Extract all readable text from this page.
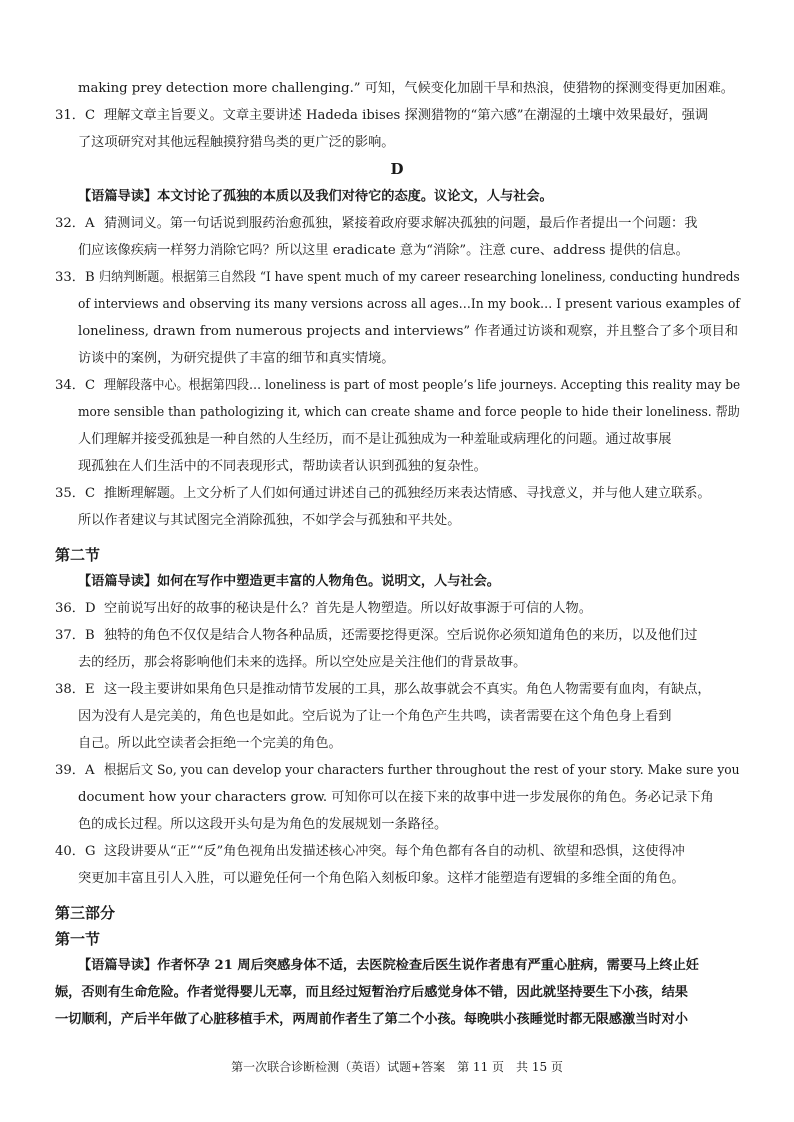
making prey detection more challenging.” 可知，气候变化加剧干旱和热浪，使猎物的探测变得更加困难。
31．C 理解文章主旨要义。文章主要讲述 Hadeda ibises 探测猎物的“第六感”在潮湿的土壤中效果最好，强调
了这项研究对其他远程触摸狩猎鸟类的更广泛的影响。
D
【语篇导读】本文讨论了孤独的本质以及我们对待它的态度。议论文，人与社会。
32．A 猜测词义。第一句话说到服药治愈孤独，紧接着政府要求解决孤独的问题，最后作者提出一个问题：我
们应该像疾病一样努力消除它吗？所以这里 eradicate 意为“消除”。注意 cure、address 提供的信息。
33．B 归纳判断题。根据第三自然段 “I have spent much of my career researching loneliness, conducting hundreds
of interviews and observing its many versions across all ages…In my book… I present various examples of
loneliness, drawn from numerous projects and interviews” 作者通过访谈和观察，并且整合了多个项目和
访谈中的案例，为研究提供了丰富的细节和真实情境。
34．C 理解段落中心。根据第四段… loneliness is part of most people’s life journeys. Accepting this reality may be
more sensible than pathologizing it, which can create shame and force people to hide their loneliness. 帮助
人们理解并接受孤独是一种自然的人生经历，而不是让孤独成为一种羞耻或病理化的问题。通过故事展
现孤独在人们生活中的不同表现形式，帮助读者认识到孤独的复杂性。
35．C 推断理解题。上文分析了人们如何通过讲述自己的孤独经历来表达情感、寻找意义，并与他人建立联系。
所以作者建议与其试图完全消除孤独，不如学会与孤独和平共处。
第二节
【语篇导读】如何在写作中塑造更丰富的人物角色。说明文，人与社会。
36．D 空前说写出好的故事的秘诀是什么？首先是人物塑造。所以好故事源于可信的人物。
37．B 独特的角色不仅仅是结合人物各种品质，还需要挖得更深。空后说你必须知道角色的来历，以及他们过
去的经历，那会将影响他们未来的选择。所以空处应是关注他们的背景故事。
38．E 这一段主要讲如果角色只是推动情节发展的工具，那么故事就会不真实。角色人物需要有血肉，有缺点，
因为没有人是完美的，角色也是如此。空后说为了让一个角色产生共鸣，读者需要在这个角色身上看到
自己。所以此空读者会拒绝一个完美的角色。
39．A 根据后文 So, you can develop your characters further throughout the rest of your story. Make sure you
document how your characters grow. 可知你可以在接下来的故事中进一步发展你的角色。务必记录下角
色的成长过程。所以这段开头句是为角色的发展规划一条路径。
40．G 这段讲要从“正”“反”角色视角出发描述核心冲突。每个角色都有各自的动机、欲望和恐惧，这使得冲
突更加丰富且引人入胜，可以避免任何一个角色陷入刻板印象。这样才能塑造有逻辑的多维全面的角色。
第三部分
第一节
【语篇导读】作者怀孕 21 周后突感身体不适，去医院检查后医生说作者患有严重心脏病，需要马上终止妊
娠，否则有生命危险。作者觉得婴儿无辜，而且经过短暂治疗后感觉身体不错，因此就坚持要生下小孩，结果
一切顺利，产后半年做了心脏移植手术，两周前作者生了第二个小孩。每晚哄小孩睡觉时都无限感激当时对小
第一次联合诊断检测（英语）试题+答案　第 11 页　共 15 页
